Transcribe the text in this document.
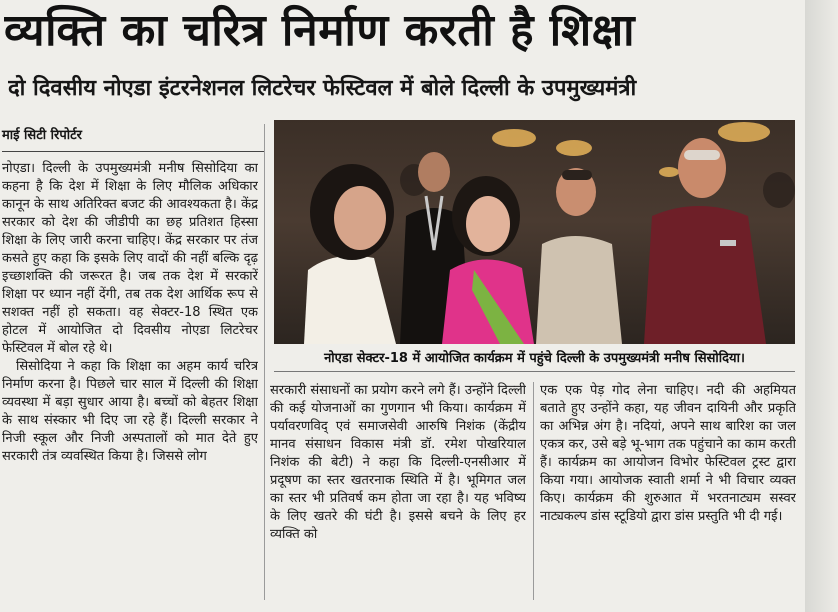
व्यक्ति का चरित्र निर्माण करती है शिक्षा
दो दिवसीय नोएडा इंटरनेशनल लिटरेचर फेस्टिवल में बोले दिल्ली के उपमुख्यमंत्री
माई सिटी रिपोर्टर

नोएडा। दिल्ली के उपमुख्यमंत्री मनीष सिसोदिया का कहना है कि देश में शिक्षा के लिए मौलिक अधिकार कानून के साथ अतिरिक्त बजट की आवश्यकता है। केंद्र सरकार को देश की जीडीपी का छह प्रतिशत हिस्सा शिक्षा के लिए जारी करना चाहिए। केंद्र सरकार पर तंज कसते हुए कहा कि इसके लिए वादों की नहीं बल्कि दृढ़ इच्छाशक्ति की जरूरत है। जब तक देश में सरकारें शिक्षा पर ध्यान नहीं देंगी, तब तक देश आर्थिक रूप से सशक्त नहीं हो सकता। वह सेक्टर-18 स्थित एक होटल में आयोजित दो दिवसीय नोएडा लिटरेचर फेस्टिवल में बोल रहे थे।

सिसोदिया ने कहा कि शिक्षा का अहम कार्य चरित्र निर्माण करना है। पिछले चार साल में दिल्ली की शिक्षा व्यवस्था में बड़ा सुधार आया है। बच्चों को बेहतर शिक्षा के साथ संस्कार भी दिए जा रहे हैं। दिल्ली सरकार ने निजी स्कूल और निजी अस्पतालों को मात देते हुए सरकारी तंत्र व्यवस्थित किया है। जिससे लोग

नोएडा सेक्टर-18 में आयोजित कार्यक्रम में पहुंचे दिल्ली के उपमुख्यमंत्री मनीष सिसोदिया।

सरकारी संसाधनों का प्रयोग करने लगे हैं। उन्होंने दिल्ली की कई योजनाओं का गुणगान भी किया। कार्यक्रम में पर्यावरणविद् एवं समाजसेवी आरुषि निशंक (केंद्रीय मानव संसाधन विकास मंत्री डॉ. रमेश पोखरियाल निशंक की बेटी) ने कहा कि दिल्ली-एनसीआर में प्रदूषण का स्तर खतरनाक स्थिति में है। भूमिगत जल का स्तर भी प्रतिवर्ष कम होता जा रहा है। यह भविष्य के लिए खतरे की घंटी है। इससे बचने के लिए हर व्यक्ति को

एक एक पेड़ गोद लेना चाहिए। नदी की अहमियत बताते हुए उन्होंने कहा, यह जीवन दायिनी और प्रकृति का अभिन्न अंग है। नदियां, अपने साथ बारिश का जल एकत्र कर, उसे बड़े भू-भाग तक पहुंचाने का काम करती हैं। कार्यक्रम का आयोजन विभोर फेस्टिवल ट्रस्ट द्वारा किया गया। आयोजक स्वाती शर्मा ने भी विचार व्यक्त किए। कार्यक्रम की शुरुआत में भरतनाट्यम सस्वर नाट्यकल्प डांस स्टूडियो द्वारा डांस प्रस्तुति भी दी गई।
